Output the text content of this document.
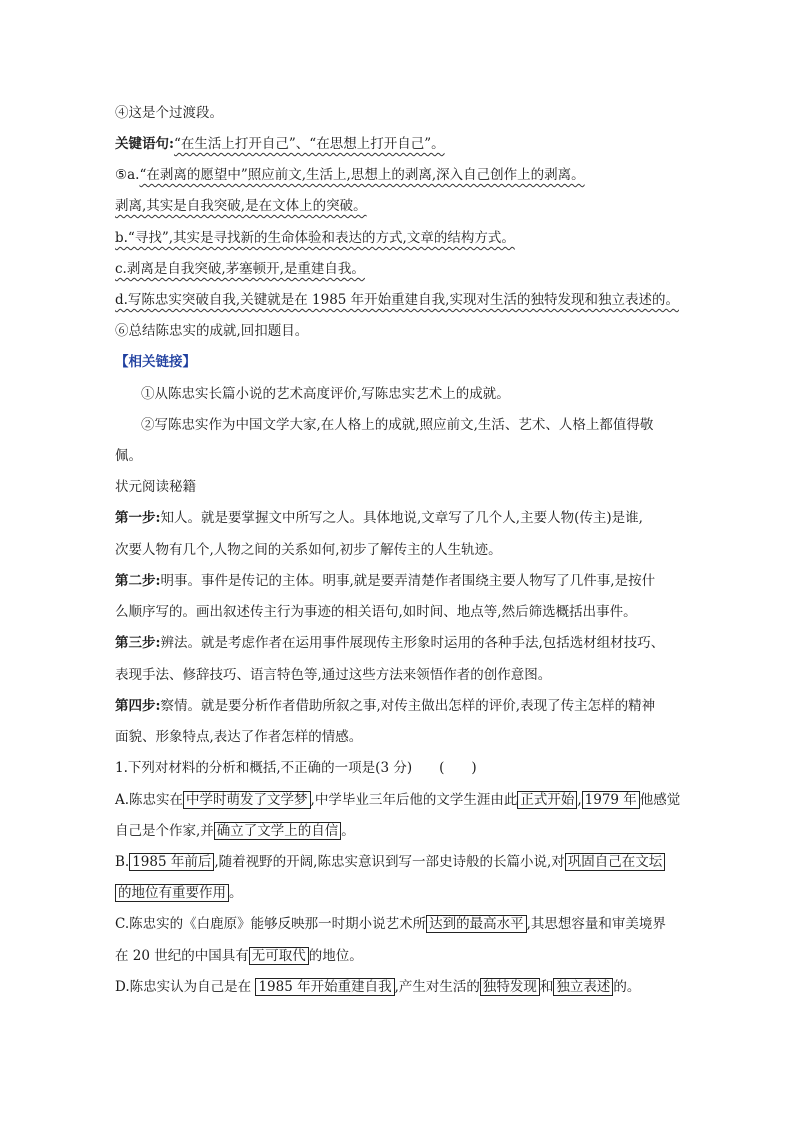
④这是个过渡段。
关键语句:“在生活上打开自己”、“在思想上打开自己”。
⑤a.“在剥离的愿望中”照应前文,生活上,思想上的剥离,深入自己创作上的剥离。
剥离,其实是自我突破,是在文体上的突破。
b.“寻找”,其实是寻找新的生命体验和表达的方式,文章的结构方式。
c.剥离是自我突破,茅塞顿开,是重建自我。
d.写陈忠实突破自我,关键就是在 1985 年开始重建自我,实现对生活的独特发现和独立表述的。
⑥总结陈忠实的成就,回扣题目。
【相关链接】
①从陈忠实长篇小说的艺术高度评价,写陈忠实艺术上的成就。
②写陈忠实作为中国文学大家,在人格上的成就,照应前文,生活、艺术、人格上都值得敬
佩。
状元阅读秘籍
第一步:知人。就是要掌握文中所写之人。具体地说,文章写了几个人,主要人物(传主)是谁,
次要人物有几个,人物之间的关系如何,初步了解传主的人生轨迹。
第二步:明事。事件是传记的主体。明事,就是要弄清楚作者围绕主要人物写了几件事,是按什
么顺序写的。画出叙述传主行为事迹的相关语句,如时间、地点等,然后筛选概括出事件。
第三步:辨法。就是考虑作者在运用事件展现传主形象时运用的各种手法,包括选材组材技巧、
表现手法、修辞技巧、语言特色等,通过这些方法来领悟作者的创作意图。
第四步:察情。就是要分析作者借助所叙之事,对传主做出怎样的评价,表现了传主怎样的精神
面貌、形象特点,表达了作者怎样的情感。
1.下列对材料的分析和概括,不正确的一项是(3 分)　　(　　)
A.陈忠实在 中学时萌发了文学梦 ,中学毕业三年后他的文学生涯由此 正式开始 , 1979 年 他感觉
自己是个作家,并 确立了文学上的自信 。
B. 1985 年前后 ,随着视野的开阔,陈忠实意识到写一部史诗般的长篇小说,对 巩固自己在文坛
的地位有重要作用 。
C.陈忠实的《白鹿原》能够反映那一时期小说艺术所 达到的最高水平 ,其思想容量和审美境界
在 20 世纪的中国具有 无可取代 的地位。
D.陈忠实认为自己是在 1985 年开始重建自我 ,产生对生活的 独特发现 和 独立表述 的。
